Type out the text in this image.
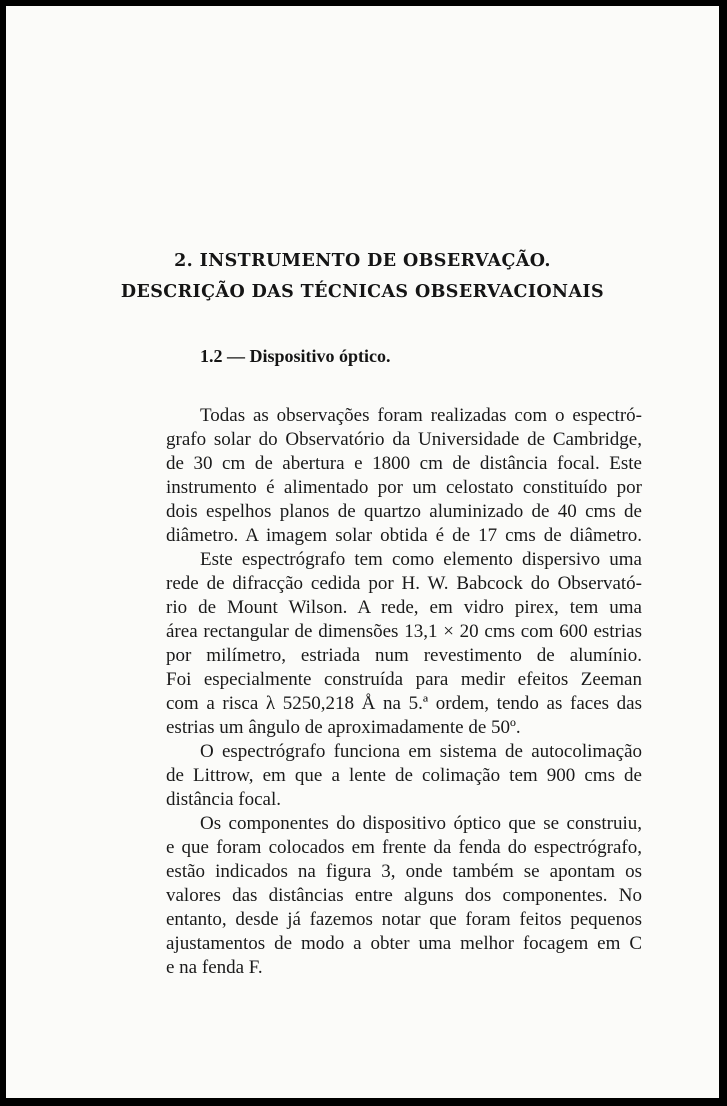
2. INSTRUMENTO DE OBSERVAÇÃO.
DESCRIÇÃO DAS TÉCNICAS OBSERVACIONAIS
1.2 — Dispositivo óptico.
Todas as observações foram realizadas com o espectró-
grafo solar do Observatório da Universidade de Cambridge,
de 30 cm de abertura e 1800 cm de distância focal. Este
instrumento é alimentado por um celostato constituído por
dois espelhos planos de quartzo aluminizado de 40 cms de
diâmetro. A imagem solar obtida é de 17 cms de diâmetro.
Este espectrógrafo tem como elemento dispersivo uma
rede de difracção cedida por H. W. Babcock do Observató-
rio de Mount Wilson. A rede, em vidro pirex, tem uma
área rectangular de dimensões 13,1 × 20 cms com 600 estrias
por milímetro, estriada num revestimento de alumínio.
Foi especialmente construída para medir efeitos Zeeman
com a risca λ 5250,218 Å na 5.ª ordem, tendo as faces das
estrias um ângulo de aproximadamente de 50º.
O espectrógrafo funciona em sistema de autocolimação
de Littrow, em que a lente de colimação tem 900 cms de
distância focal.
Os componentes do dispositivo óptico que se construiu,
e que foram colocados em frente da fenda do espectrógrafo,
estão indicados na figura 3, onde também se apontam os
valores das distâncias entre alguns dos componentes. No
entanto, desde já fazemos notar que foram feitos pequenos
ajustamentos de modo a obter uma melhor focagem em C
e na fenda F.
